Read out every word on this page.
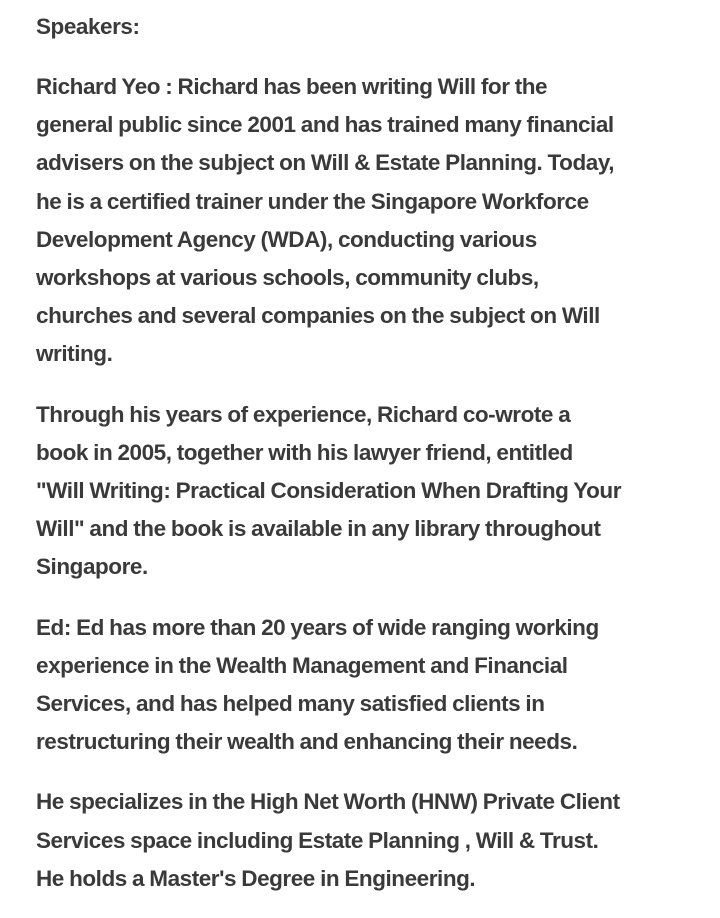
Speakers:
Richard Yeo : Richard has been writing Will for the
general public since 2001 and has trained many financial
advisers on the subject on Will & Estate Planning. Today,
he is a certified trainer under the Singapore Workforce
Development Agency (WDA), conducting various
workshops at various schools, community clubs,
churches and several companies on the subject on Will
writing.
Through his years of experience, Richard co-wrote a
book in 2005, together with his lawyer friend, entitled
"Will Writing: Practical Consideration When Drafting Your
Will" and the book is available in any library throughout
Singapore.
Ed: Ed has more than 20 years of wide ranging working
experience in the Wealth Management and Financial
Services, and has helped many satisfied clients in
restructuring their wealth and enhancing their needs.
He specializes in the High Net Worth (HNW) Private Client
Services space including Estate Planning , Will & Trust.
He holds a Master's Degree in Engineering.
